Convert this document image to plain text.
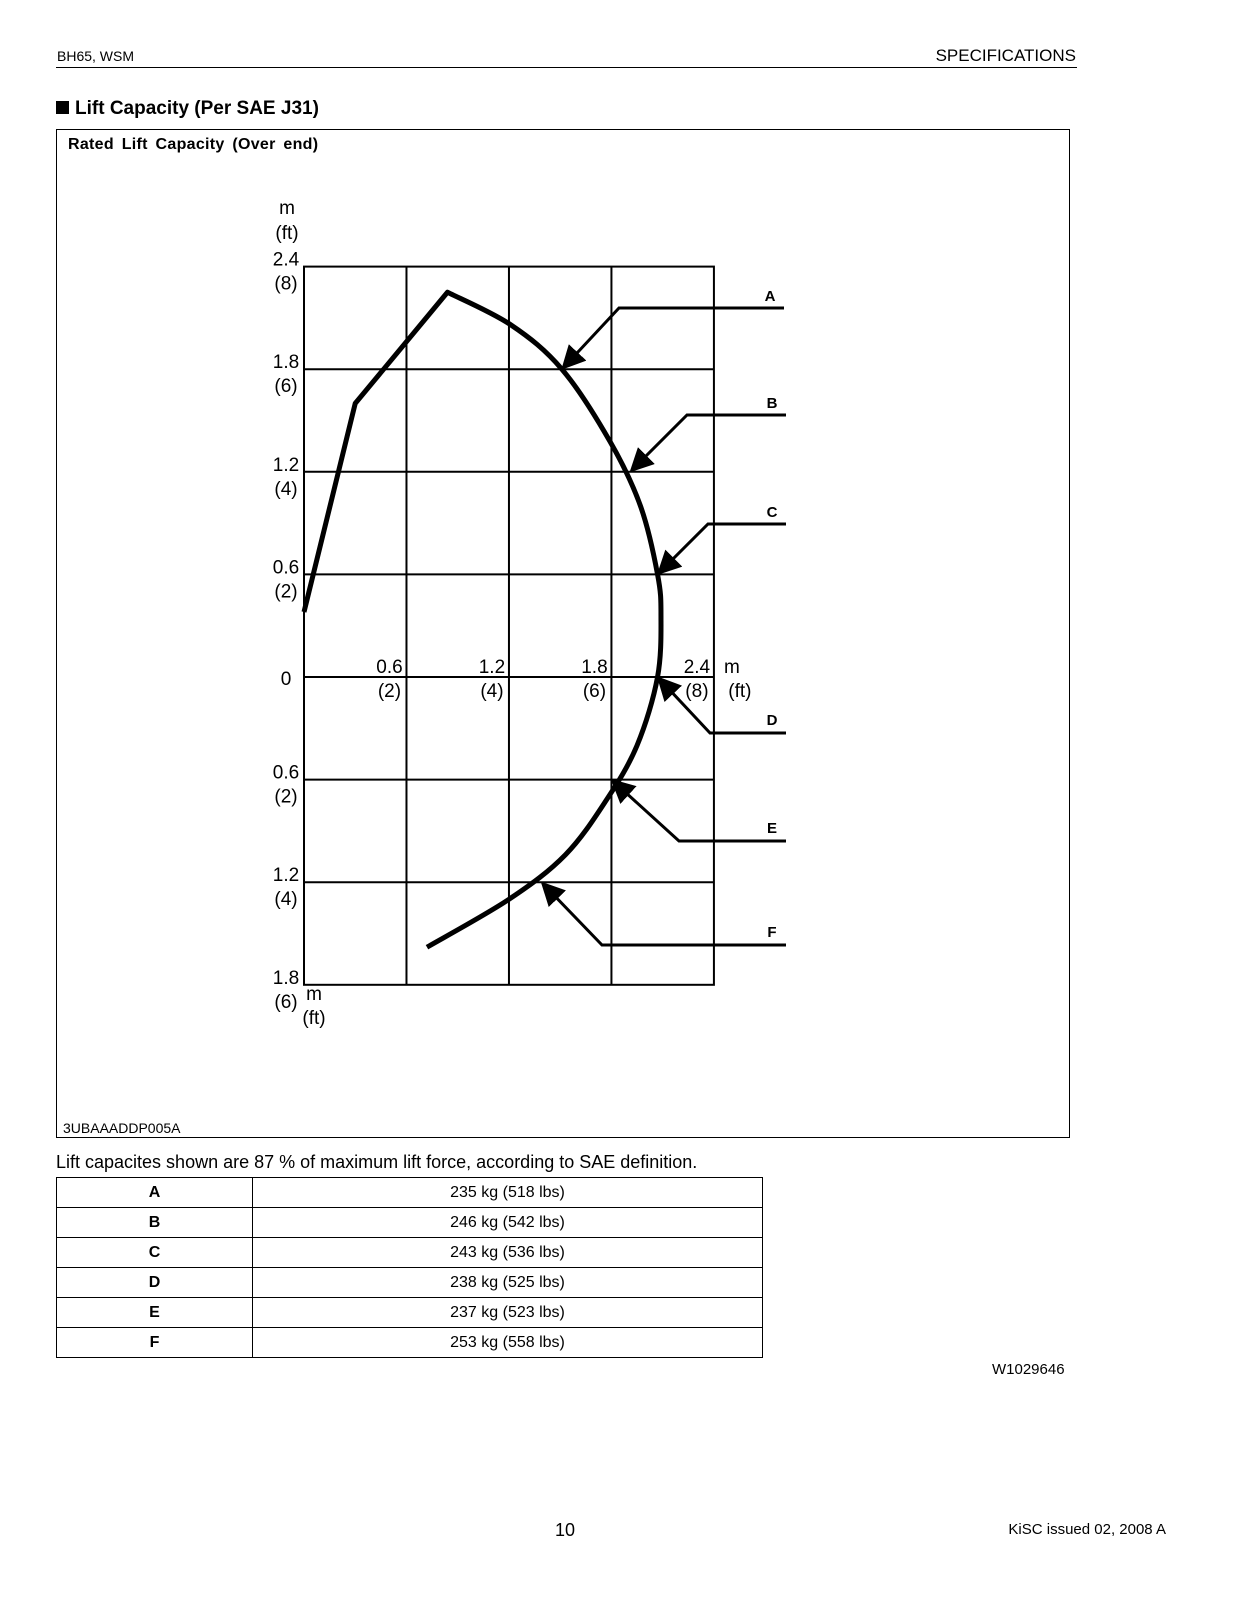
BH65, WSM	SPECIFICATIONS
Lift Capacity (Per SAE J31)
Rated Lift Capacity (Over end)
3UBAAADDP005A
m
(ft)
2.4
(8)
1.8
(6)
1.2
(4)
0.6
(2)
0
0.6
(2)
1.2
(4)
1.8
(6) m
(ft)
0.6
(2)
1.2
(4)
1.8
(6)
2.4
(8)
m
(ft)
A
B
C
D
E
F
Lift capacites shown are 87 % of maximum lift force, according to SAE definition.
A	235 kg (518 lbs)
B	246 kg (542 lbs)
C	243 kg (536 lbs)
D	238 kg (525 lbs)
E	237 kg (523 lbs)
F	253 kg (558 lbs)
W1029646
10	KiSC issued 02, 2008 A
